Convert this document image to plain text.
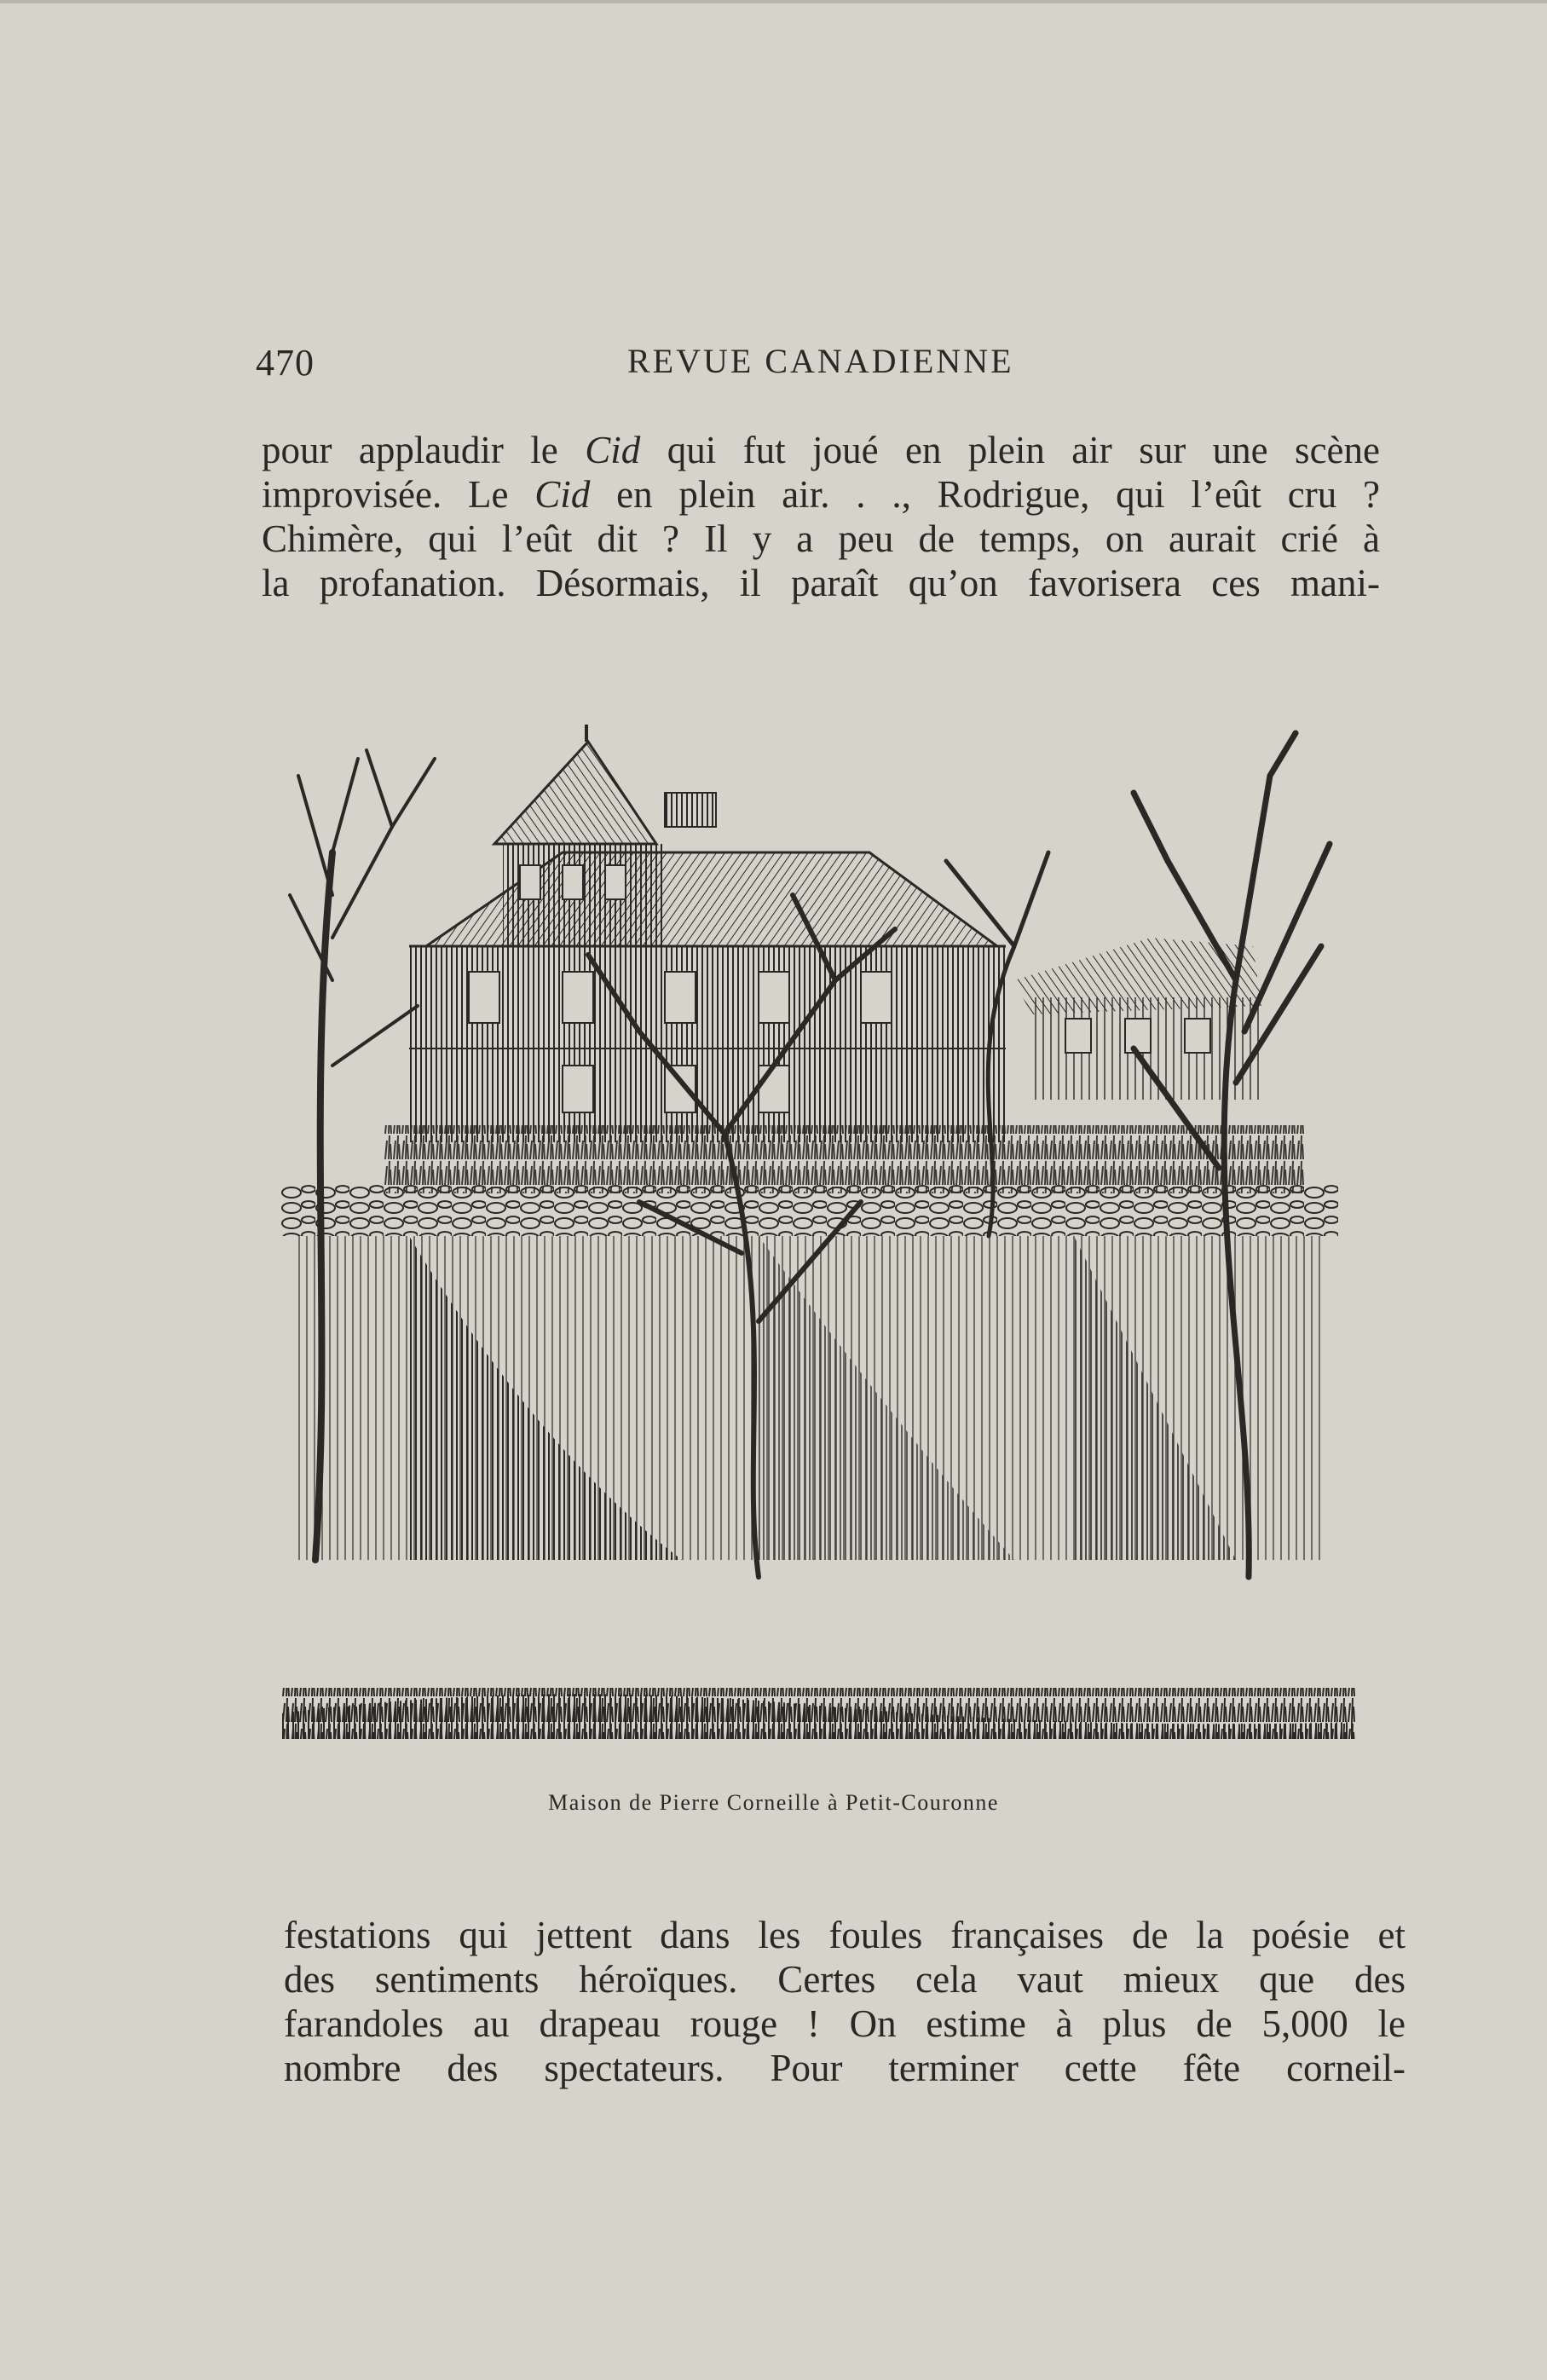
470	REVUE CANADIENNE
pour applaudir le Cid qui fut joué en plein air sur une scène
improvisée. Le Cid en plein air. . ., Rodrigue, qui l’eût cru ?
Chimère, qui l’eût dit ? Il y a peu de temps, on aurait crié à
la profanation. Désormais, il paraît qu’on favorisera ces mani-
Maison de Pierre Corneille à Petit-Couronne
festations qui jettent dans les foules françaises de la poésie et
des sentiments héroïques. Certes cela vaut mieux que des
farandoles au drapeau rouge ! On estime à plus de 5,000 le
nombre des spectateurs. Pour terminer cette fête corneil-
